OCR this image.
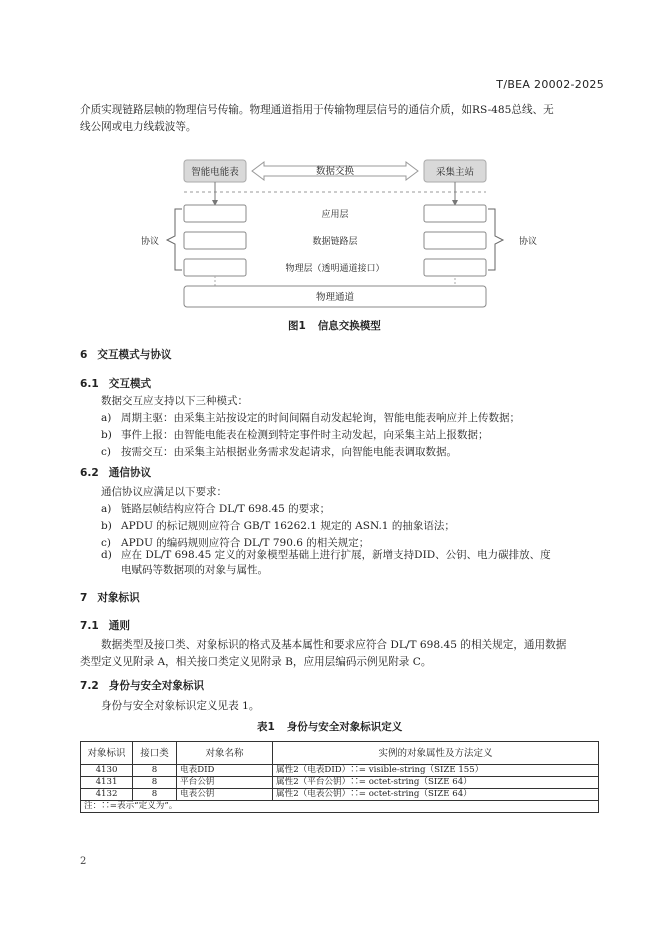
T/BEA 20002-2025
介质实现链路层帧的物理信号传输。物理通道指用于传输物理层信号的通信介质，如RS-485总线、无
线公网或电力线载波等。
智能电能表	采集主站
数据交换
应用层
数据链路层
物理层（透明通道接口）
物理通道
协议	协议
图1 信息交换模型
6 交互模式与协议
6.1 交互模式
数据交互应支持以下三种模式：
a) 周期主驱：由采集主站按设定的时间间隔自动发起轮询，智能电能表响应并上传数据；
b) 事件上报：由智能电能表在检测到特定事件时主动发起，向采集主站上报数据；
c) 按需交互：由采集主站根据业务需求发起请求，向智能电能表调取数据。
6.2 通信协议
通信协议应满足以下要求：
a) 链路层帧结构应符合 DL/T 698.45 的要求；
b) APDU 的标记规则应符合 GB/T 16262.1 规定的 ASN.1 的抽象语法；
c) APDU 的编码规则应符合 DL/T 790.6 的相关规定；
d) 应在 DL/T 698.45 定义的对象模型基础上进行扩展，新增支持DID、公钥、电力碳排放、度
电赋码等数据项的对象与属性。
7 对象标识
7.1 通则
数据类型及接口类、对象标识的格式及基本属性和要求应符合 DL/T 698.45 的相关规定，通用数据
类型定义见附录 A，相关接口类定义见附录 B，应用层编码示例见附录 C。
7.2 身份与安全对象标识
身份与安全对象标识定义见表 1。
表1 身份与安全对象标识定义
对象标识	接口类	对象名称	实例的对象属性及方法定义
4130	8	电表DID	属性2（电表DID）∷= visible-string（SIZE 155）
4131	8	平台公钥	属性2（平台公钥）∷= octet-string（SIZE 64）
4132	8	电表公钥	属性2（电表公钥）∷= octet-string（SIZE 64）
注：∷=表示“定义为”。			
2
